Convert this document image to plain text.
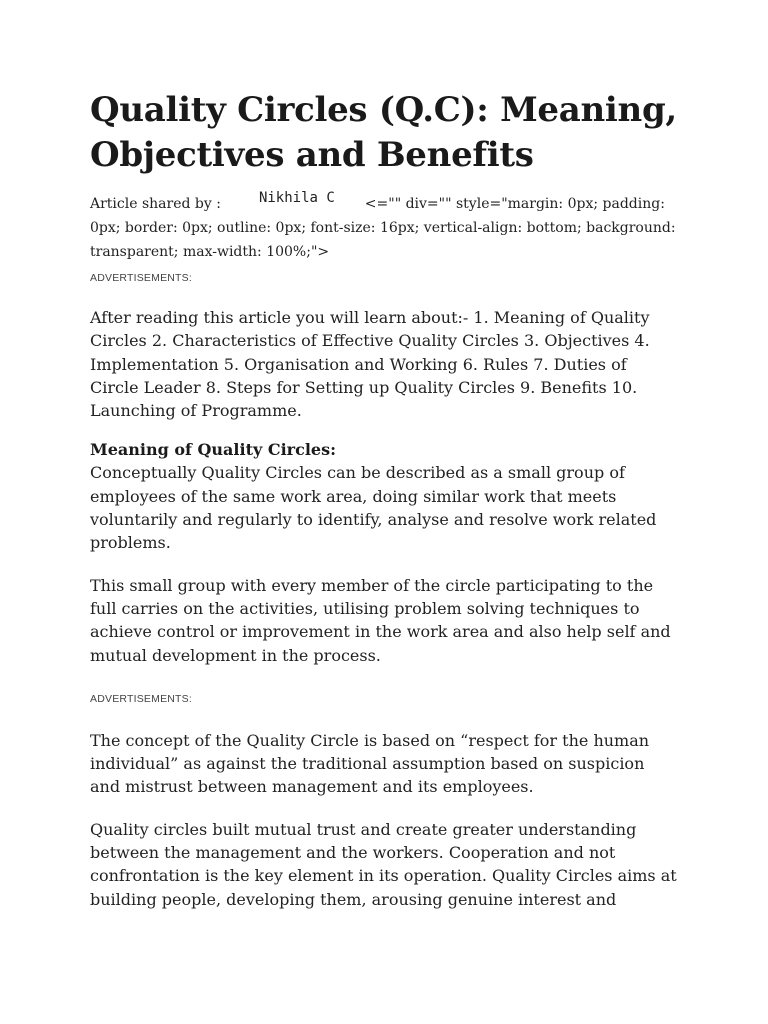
Quality Circles (Q.C): Meaning, Objectives and Benefits
Article shared by :	Nikhila C <="" div="" style="margin: 0px; padding: 0px; border: 0px; outline: 0px; font-size: 16px; vertical-align: bottom; background: transparent; max-width: 100%;">
ADVERTISEMENTS:

After reading this article you will learn about:- 1. Meaning of Quality Circles 2. Characteristics of Effective Quality Circles 3. Objectives 4. Implementation 5. Organisation and Working 6. Rules 7. Duties of Circle Leader 8. Steps for Setting up Quality Circles 9. Benefits 10. Launching of Programme.

Meaning of Quality Circles:

Conceptually Quality Circles can be described as a small group of employees of the same work area, doing similar work that meets voluntarily and regularly to identify, analyse and resolve work related problems.

This small group with every member of the circle participating to the full carries on the activities, utilising problem solving techniques to achieve control or improvement in the work area and also help self and mutual development in the process.

ADVERTISEMENTS:

The concept of the Quality Circle is based on “respect for the human individual” as against the traditional assumption based on suspicion and mistrust between management and its employees.

Quality circles built mutual trust and create greater understanding between the management and the workers. Cooperation and not confrontation is the key element in its operation. Quality Circles aims at building people, developing them, arousing genuine interest and
